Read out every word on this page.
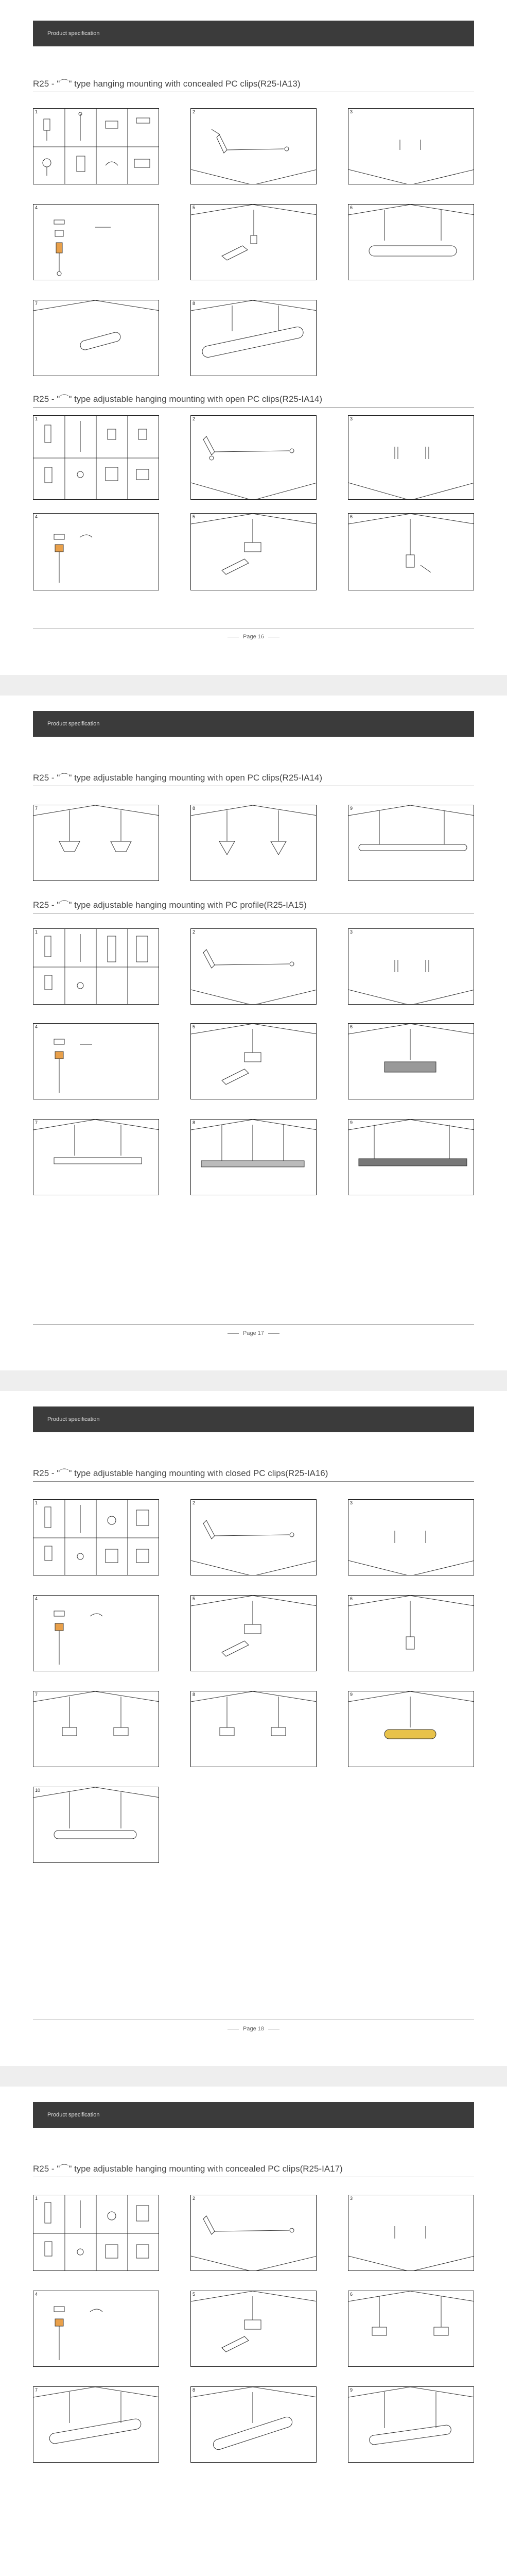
Product specification
R25 - "⌒" type hanging mounting with concealed PC clips(R25-IA13)
1	2	3
4	5	6
7	8
R25 - "⌒" type adjustable hanging mounting with open PC clips(R25-IA14)
1	2	3
4	5	6
Page 16
Product specification
R25 - "⌒" type adjustable hanging mounting with open PC clips(R25-IA14)
7	8	9
R25 - "⌒" type adjustable hanging mounting with PC profile(R25-IA15)
1	2	3
4	5	6
7	8	9
Page 17
Product specification
R25 - "⌒" type adjustable hanging mounting with closed PC clips(R25-IA16)
1	2	3
4	5	6
7	8	9
10
Page 18
Product specification
R25 - "⌒" type adjustable hanging mounting with concealed PC clips(R25-IA17)
1	2	3
4	5	6
7	8	9
